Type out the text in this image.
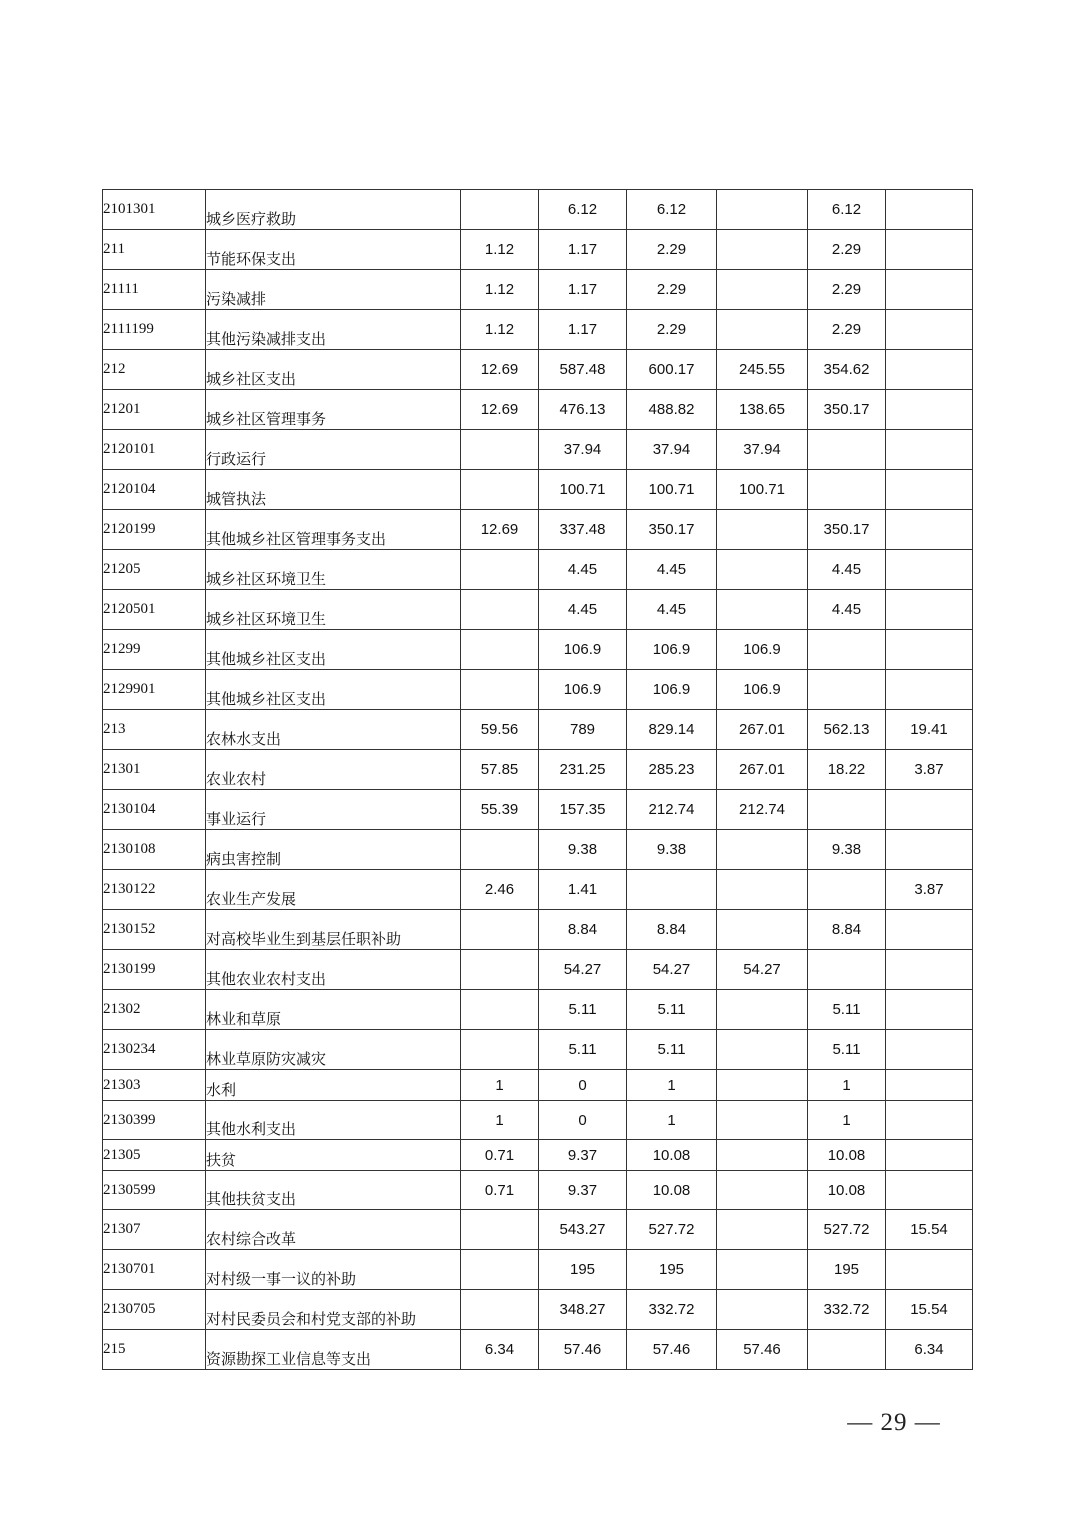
2101301	城乡医疗救助		6.12	6.12		6.12	
211	节能环保支出	1.12	1.17	2.29		2.29	
21111	污染减排	1.12	1.17	2.29		2.29	
2111199	其他污染减排支出	1.12	1.17	2.29		2.29	
212	城乡社区支出	12.69	587.48	600.17	245.55	354.62	
21201	城乡社区管理事务	12.69	476.13	488.82	138.65	350.17	
2120101	行政运行		37.94	37.94	37.94		
2120104	城管执法		100.71	100.71	100.71		
2120199	其他城乡社区管理事务支出	12.69	337.48	350.17		350.17	
21205	城乡社区环境卫生		4.45	4.45		4.45	
2120501	城乡社区环境卫生		4.45	4.45		4.45	
21299	其他城乡社区支出		106.9	106.9	106.9		
2129901	其他城乡社区支出		106.9	106.9	106.9		
213	农林水支出	59.56	789	829.14	267.01	562.13	19.41
21301	农业农村	57.85	231.25	285.23	267.01	18.22	3.87
2130104	事业运行	55.39	157.35	212.74	212.74		
2130108	病虫害控制		9.38	9.38		9.38	
2130122	农业生产发展	2.46	1.41				3.87
2130152	对高校毕业生到基层任职补助		8.84	8.84		8.84	
2130199	其他农业农村支出		54.27	54.27	54.27		
21302	林业和草原		5.11	5.11		5.11	
2130234	林业草原防灾减灾		5.11	5.11		5.11	
21303	水利	1	0	1		1	
2130399	其他水利支出	1	0	1		1	
21305	扶贫	0.71	9.37	10.08		10.08	
2130599	其他扶贫支出	0.71	9.37	10.08		10.08	
21307	农村综合改革		543.27	527.72		527.72	15.54
2130701	对村级一事一议的补助		195	195		195	
2130705	对村民委员会和村党支部的补助		348.27	332.72		332.72	15.54
215	资源勘探工业信息等支出	6.34	57.46	57.46	57.46		6.34
— 29 —
